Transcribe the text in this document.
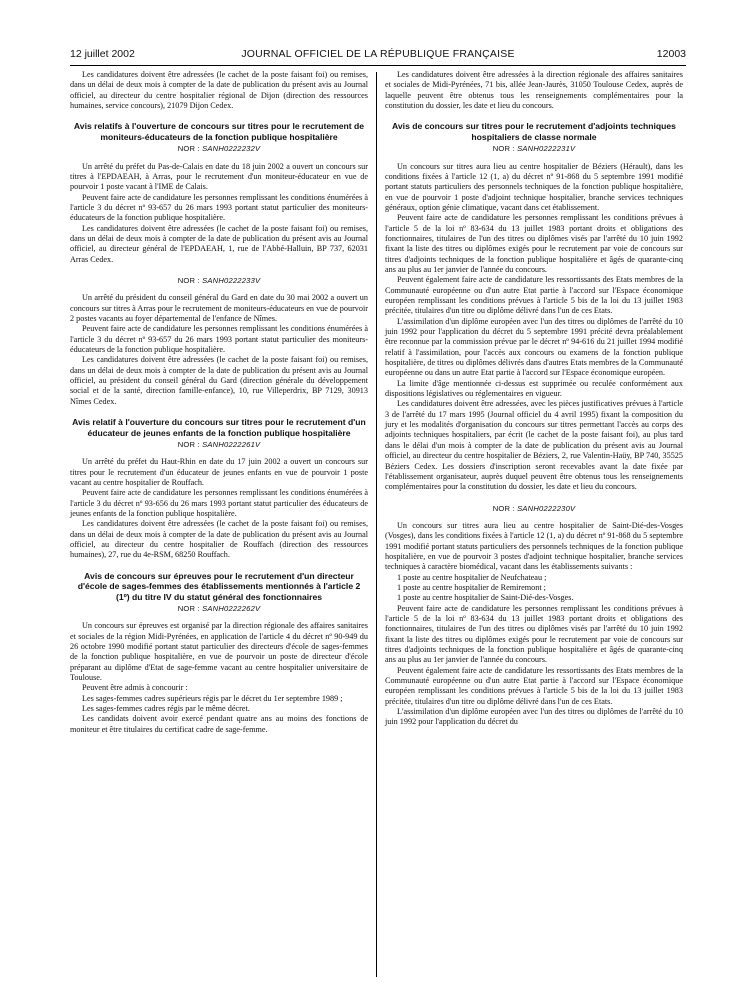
12 juillet 2002	JOURNAL OFFICIEL DE LA RÉPUBLIQUE FRANÇAISE	12003

Les candidatures doivent être adressées (le cachet de la poste faisant foi) ou remises, dans un délai de deux mois à compter de la date de publication du présent avis au Journal officiel, au directeur du centre hospitalier régional de Dijon (direction des ressources humaines, service concours), 21079 Dijon Cedex.

Avis relatifs à l'ouverture de concours sur titres pour le recrutement de moniteurs-éducateurs de la fonction publique hospitalière
NOR : SANH0222232V

Un arrêté du préfet du Pas-de-Calais en date du 18 juin 2002 a ouvert un concours sur titres à l'EPDAEAH, à Arras, pour le recrutement d'un moniteur-éducateur en vue de pourvoir 1 poste vacant à l'IME de Calais.

Peuvent faire acte de candidature les personnes remplissant les conditions énumérées à l'article 3 du décret nº 93-657 du 26 mars 1993 portant statut particulier des moniteurs-éducateurs de la fonction publique hospitalière.

Les candidatures doivent être adressées (le cachet de la poste faisant foi) ou remises, dans un délai de deux mois à compter de la date de publication du présent avis au Journal officiel, au directeur général de l'EPDAEAH, 1, rue de l'Abbé-Halluin, BP 737, 62031 Arras Cedex.

NOR : SANH0222233V

Un arrêté du président du conseil général du Gard en date du 30 mai 2002 a ouvert un concours sur titres à Arras pour le recrutement de moniteurs-éducateurs en vue de pourvoir 2 postes vacants au foyer départemental de l'enfance de Nîmes.

Peuvent faire acte de candidature les personnes remplissant les conditions énumérées à l'article 3 du décret nº 93-657 du 26 mars 1993 portant statut particulier des moniteurs-éducateurs de la fonction publique hospitalière.

Les candidatures doivent être adressées (le cachet de la poste faisant foi) ou remises, dans un délai de deux mois à compter de la date de publication du présent avis au Journal officiel, au président du conseil général du Gard (direction générale du développement social et de la santé, direction famille-enfance), 10, rue Villeperdrix, BP 7129, 30913 Nîmes Cedex.

Avis relatif à l'ouverture du concours sur titres pour le recrutement d'un éducateur de jeunes enfants de la fonction publique hospitalière
NOR : SANH0222261V

Un arrêté du préfet du Haut-Rhin en date du 17 juin 2002 a ouvert un concours sur titres pour le recrutement d'un éducateur de jeunes enfants en vue de pourvoir 1 poste vacant au centre hospitalier de Rouffach.

Peuvent faire acte de candidature les personnes remplissant les conditions énumérées à l'article 3 du décret nº 93-656 du 26 mars 1993 portant statut particulier des éducateurs de jeunes enfants de la fonction publique hospitalière.

Les candidatures doivent être adressées (le cachet de la poste faisant foi) ou remises, dans un délai de deux mois à compter de la date de publication du présent avis au Journal officiel, au directeur du centre hospitalier de Rouffach (direction des ressources humaines), 27, rue du 4e-RSM, 68250 Rouffach.

Avis de concours sur épreuves pour le recrutement d'un directeur d'école de sages-femmes des établissements mentionnés à l'article 2 (1º) du titre IV du statut général des fonctionnaires
NOR : SANH0222262V

Un concours sur épreuves est organisé par la direction régionale des affaires sanitaires et sociales de la région Midi-Pyrénées, en application de l'article 4 du décret nº 90-949 du 26 octobre 1990 modifié portant statut particulier des directeurs d'école de sages-femmes de la fonction publique hospitalière, en vue de pourvoir un poste de directeur d'école préparant au diplôme d'Etat de sage-femme vacant au centre hospitalier universitaire de Toulouse.

Peuvent être admis à concourir :

Les sages-femmes cadres supérieurs régis par le décret du 1er septembre 1989 ;

Les sages-femmes cadres régis par le même décret.

Les candidats doivent avoir exercé pendant quatre ans au moins des fonctions de moniteur et être titulaires du certificat cadre de sage-femme.

Les candidatures doivent être adressées à la direction régionale des affaires sanitaires et sociales de Midi-Pyrénées, 71 bis, allée Jean-Jaurès, 31050 Toulouse Cedex, auprès de laquelle peuvent être obtenus tous les renseignements complémentaires pour la constitution du dossier, les date et lieu du concours.

Avis de concours sur titres pour le recrutement d'adjoints techniques hospitaliers de classe normale
NOR : SANH0222231V

Un concours sur titres aura lieu au centre hospitalier de Béziers (Hérault), dans les conditions fixées à l'article 12 (1, a) du décret nº 91-868 du 5 septembre 1991 modifié portant statuts particuliers des personnels techniques de la fonction publique hospitalière, en vue de pourvoir 1 poste d'adjoint technique hospitalier, branche services techniques généraux, option génie climatique, vacant dans cet établissement.

Peuvent faire acte de candidature les personnes remplissant les conditions prévues à l'article 5 de la loi nº 83-634 du 13 juillet 1983 portant droits et obligations des fonctionnaires, titulaires de l'un des titres ou diplômes visés par l'arrêté du 10 juin 1992 fixant la liste des titres ou diplômes exigés pour le recrutement par voie de concours sur titres d'adjoints techniques de la fonction publique hospitalière et âgés de quarante-cinq ans au plus au 1er janvier de l'année du concours.

Peuvent également faire acte de candidature les ressortissants des Etats membres de la Communauté européenne ou d'un autre Etat partie à l'accord sur l'Espace économique européen remplissant les conditions prévues à l'article 5 bis de la loi du 13 juillet 1983 précitée, titulaires d'un titre ou diplôme délivré dans l'un de ces Etats.

L'assimilation d'un diplôme européen avec l'un des titres ou diplômes de l'arrêté du 10 juin 1992 pour l'application du décret du 5 septembre 1991 précité devra préalablement être reconnue par la commission prévue par le décret nº 94-616 du 21 juillet 1994 modifié relatif à l'assimilation, pour l'accès aux concours ou examens de la fonction publique hospitalière, de titres ou diplômes délivrés dans d'autres Etats membres de la Communauté européenne ou dans un autre Etat partie à l'accord sur l'Espace économique européen.

La limite d'âge mentionnée ci-dessus est supprimée ou reculée conformément aux dispositions législatives ou réglementaires en vigueur.

Les candidatures doivent être adressées, avec les pièces justificatives prévues à l'article 3 de l'arrêté du 17 mars 1995 (Journal officiel du 4 avril 1995) fixant la composition du jury et les modalités d'organisation du concours sur titres permettant l'accès au corps des adjoints techniques hospitaliers, par écrit (le cachet de la poste faisant foi), au plus tard dans le délai d'un mois à compter de la date de publication du présent avis au Journal officiel, au directeur du centre hospitalier de Béziers, 2, rue Valentin-Haüy, BP 740, 35525 Béziers Cedex. Les dossiers d'inscription seront recevables avant la date fixée par l'établissement organisateur, auprès duquel peuvent être obtenus tous les renseignements complémentaires pour la constitution du dossier, les date et lieu du concours.

NOR : SANH0222230V

Un concours sur titres aura lieu au centre hospitalier de Saint-Dié-des-Vosges (Vosges), dans les conditions fixées à l'article 12 (1, a) du décret nº 91-868 du 5 septembre 1991 modifié portant statuts particuliers des personnels techniques de la fonction publique hospitalière, en vue de pourvoir 3 postes d'adjoint technique hospitalier, branche services techniques à caractère biomédical, vacant dans les établissements suivants :

1 poste au centre hospitalier de Neufchateau ;

1 poste au centre hospitalier de Remiremont ;

1 poste au centre hospitalier de Saint-Dié-des-Vosges.

Peuvent faire acte de candidature les personnes remplissant les conditions prévues à l'article 5 de la loi nº 83-634 du 13 juillet 1983 portant droits et obligations des fonctionnaires, titulaires de l'un des titres ou diplômes visés par l'arrêté du 10 juin 1992 fixant la liste des titres ou diplômes exigés pour le recrutement par voie de concours sur titres d'adjoints techniques de la fonction publique hospitalière et âgés de quarante-cinq ans au plus au 1er janvier de l'année du concours.

Peuvent également faire acte de candidature les ressortissants des Etats membres de la Communauté européenne ou d'un autre Etat partie à l'accord sur l'Espace économique européen remplissant les conditions prévues à l'article 5 bis de la loi du 13 juillet 1983 précitée, titulaires d'un titre ou diplôme délivré dans l'un de ces Etats.

L'assimilation d'un diplôme européen avec l'un des titres ou diplômes de l'arrêté du 10 juin 1992 pour l'application du décret du
